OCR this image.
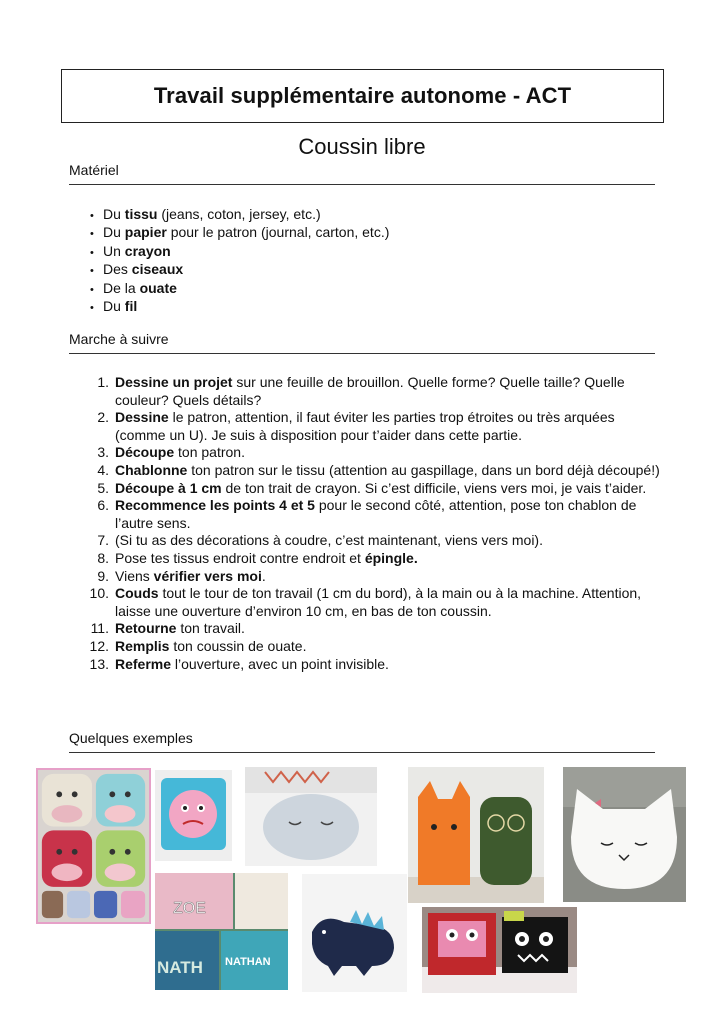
Travail supplémentaire autonome - ACT
Coussin libre
Matériel
• Du tissu (jeans, coton, jersey, etc.)
• Du papier pour le patron (journal, carton, etc.)
• Un crayon
• Des ciseaux
• De la ouate
• Du fil
Marche à suivre
1. Dessine un projet sur une feuille de brouillon. Quelle forme? Quelle taille? Quelle couleur? Quels détails?
2. Dessine le patron, attention, il faut éviter les parties trop étroites ou très arquées (comme un U). Je suis à disposition pour t’aider dans cette partie.
3. Découpe ton patron.
4. Chablonne ton patron sur le tissu (attention au gaspillage, dans un bord déjà découpé!)
5. Découpe à 1 cm de ton trait de crayon. Si c’est difficile, viens vers moi, je vais t’aider.
6. Recommence les points 4 et 5 pour le second côté, attention, pose ton chablon de l’autre sens.
7. (Si tu as des décorations à coudre, c’est maintenant, viens vers moi).
8. Pose tes tissus endroit contre endroit et épingle.
9. Viens vérifier vers moi.
10. Couds tout le tour de ton travail (1 cm du bord), à la main ou à la machine. Attention, laisse une ouverture d’environ 10 cm, en bas de ton coussin.
11. Retourne ton travail.
12. Remplis ton coussin de ouate.
13. Referme l’ouverture, avec un point invisible.
Quelques exemples
ZOE
NATH NATHAN
